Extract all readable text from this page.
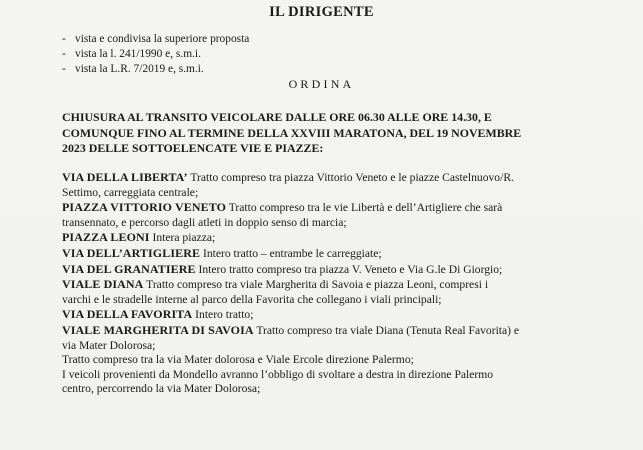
IL DIRIGENTE
- vista e condivisa la superiore proposta
- vista la l. 241/1990 e, s.m.i.
- vista la L.R. 7/2019 e, s.m.i.
ORDINA
CHIUSURA AL TRANSITO VEICOLARE DALLE ORE 06.30 ALLE ORE 14.30, E
COMUNQUE FINO AL TERMINE DELLA XXVIII MARATONA, DEL 19 NOVEMBRE
2023 DELLE SOTTOELENCATE VIE E PIAZZE:
VIA DELLA LIBERTA’ Tratto compreso tra piazza Vittorio Veneto e le piazze Castelnuovo/R.
Settimo, carreggiata centrale;
PIAZZA VITTORIO VENETO Tratto compreso tra le vie Libertà e dell’Artigliere che sarà
transennato, e percorso dagli atleti in doppio senso di marcia;
PIAZZA LEONI Intera piazza;
VIA DELL’ARTIGLIERE Intero tratto – entrambe le carreggiate;
VIA DEL GRANATIERE Intero tratto compreso tra piazza V. Veneto e Via G.le Di Giorgio;
VIALE DIANA Tratto compreso tra viale Margherita di Savoia e piazza Leoni, compresi i
varchi e le stradelle interne al parco della Favorita che collegano i viali principali;
VIA DELLA FAVORITA Intero tratto;
VIALE MARGHERITA DI SAVOIA Tratto compreso tra viale Diana (Tenuta Real Favorita) e
via Mater Dolorosa;
Tratto compreso tra la via Mater dolorosa e Viale Ercole direzione Palermo;
I veicoli provenienti da Mondello avranno l’obbligo di svoltare a destra in direzione Palermo
centro, percorrendo la via Mater Dolorosa;
